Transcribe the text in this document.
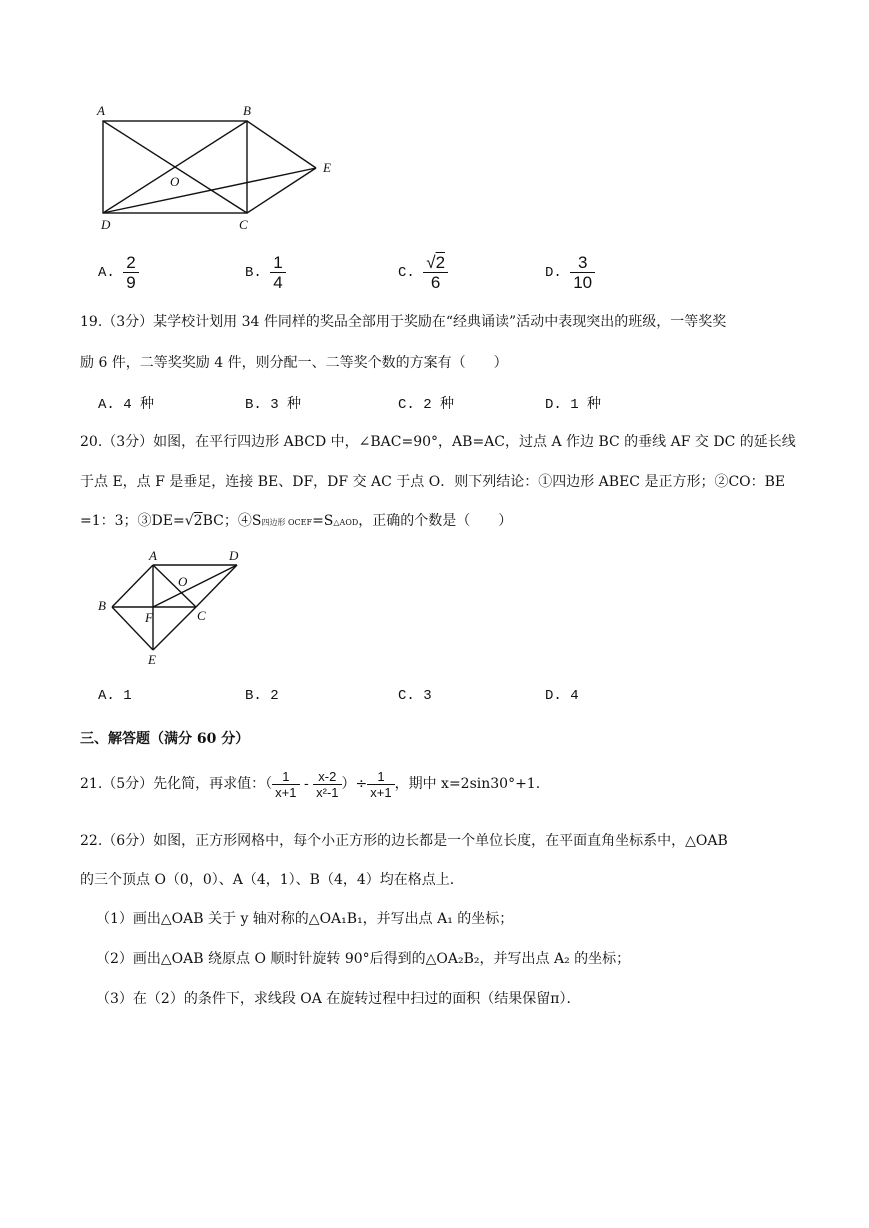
A	B
E
O
D	C
A. $\frac{2}{9}$	B. $\frac{1}{4}$	C. $\frac{√2}{6}$	D. $\frac{3}{10}$
19.（3分）某学校计划用 34 件同样的奖品全部用于奖励在“经典诵读”活动中表现突出的班级，一等奖奖
励 6 件，二等奖奖励 4 件，则分配一、二等奖个数的方案有（　　）
A. 4 种	B. 3 种	C. 2 种	D. 1 种
20.（3分）如图，在平行四边形 ABCD 中，∠BAC=90°，AB=AC，过点 A 作边 BC 的垂线 AF 交 DC 的延长线
于点 E，点 F 是垂足，连接 BE、DF，DF 交 AC 于点 O．则下列结论：①四边形 ABEC 是正方形；②CO：BE
=1：3；③DE=√2BC；④S四边形 OCEF=S△AOD，正确的个数是（　　）
A	D
B
O
F	C
E
A. 1	B. 2	C. 3	D. 4
三、解答题（满分 60 分）
21.（5分）先化简，再求值：（ $\frac{1}{x+1} - \frac{x-2}{\text{x²-1}}$ ）÷ $\frac{1}{x+1}$ ，期中 x=2sin30°+1.
22.（6分）如图，正方形网格中，每个小正方形的边长都是一个单位长度，在平面直角坐标系中，△OAB
的三个顶点 O（0，0）、A（4，1）、B（4，4）均在格点上．
（1）画出△OAB 关于 y 轴对称的△OA₁B₁，并写出点 A₁ 的坐标；
（2）画出△OAB 绕原点 O 顺时针旋转 90°后得到的△OA₂B₂，并写出点 A₂ 的坐标；
（3）在（2）的条件下，求线段 OA 在旋转过程中扫过的面积（结果保留π）．
